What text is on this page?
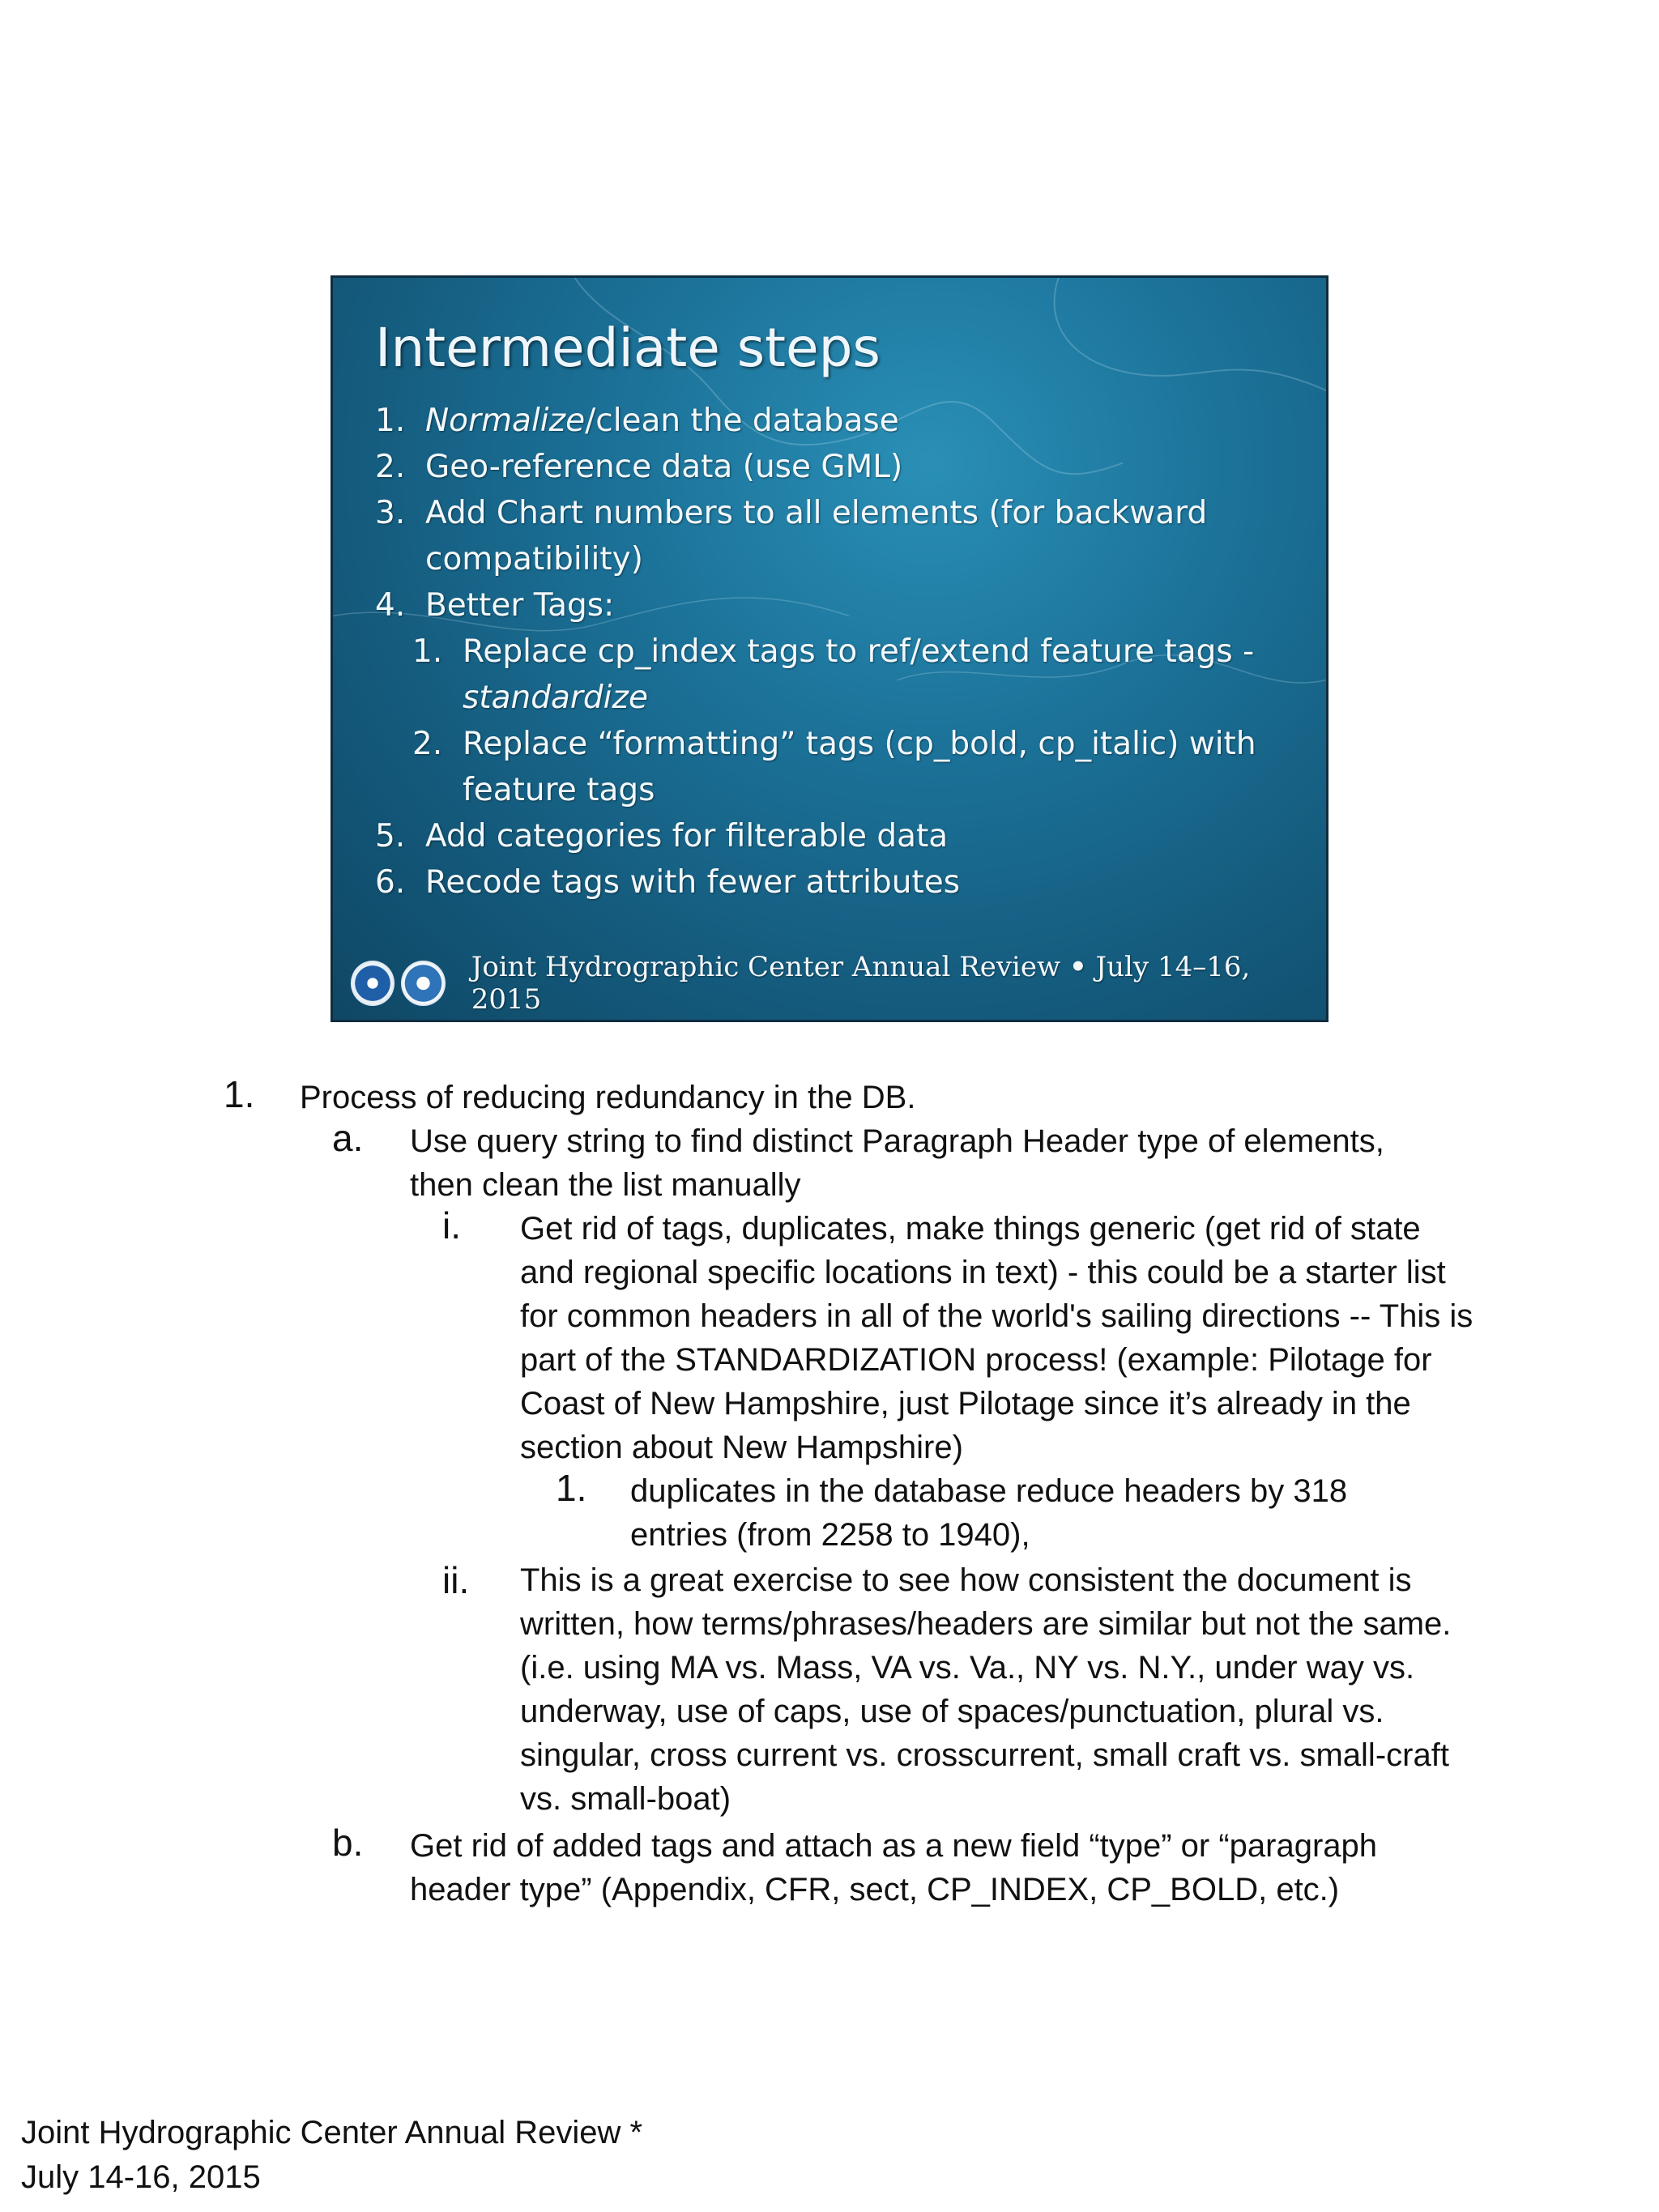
Intermediate steps
1. Normalize/clean the database
2. Geo-reference data (use GML)
3. Add Chart numbers to all elements (for backward compatibility)
4. Better Tags:
1. Replace cp_index tags to ref/extend feature tags - standardize
2. Replace “formatting” tags (cp_bold, cp_italic) with feature tags
5. Add categories for filterable data
6. Recode tags with fewer attributes
Joint Hydrographic Center Annual Review • July 14–16, 2015
1. Process of reducing redundancy in the DB.
a. Use query string to find distinct Paragraph Header type of elements, then clean the list manually
i. Get rid of tags, duplicates, make things generic (get rid of state and regional specific locations in text) - this could be a starter list for common headers in all of the world's sailing directions -- This is part of the STANDARDIZATION process! (example: Pilotage for Coast of New Hampshire, just Pilotage since it’s already in the section about New Hampshire)
1. duplicates in the database reduce headers by 318 entries (from 2258 to 1940),
ii. This is a great exercise to see how consistent the document is written, how terms/phrases/headers are similar but not the same.(i.e. using MA vs. Mass, VA vs. Va., NY vs. N.Y., under way vs. underway, use of caps, use of spaces/punctuation, plural vs. singular, cross current vs. crosscurrent, small craft vs. small-craft vs. small-boat)
b. Get rid of added tags and attach as a new field “type” or “paragraph header type” (Appendix, CFR, sect, CP_INDEX, CP_BOLD, etc.)
Joint Hydrographic Center Annual Review *
July 14-16, 2015
